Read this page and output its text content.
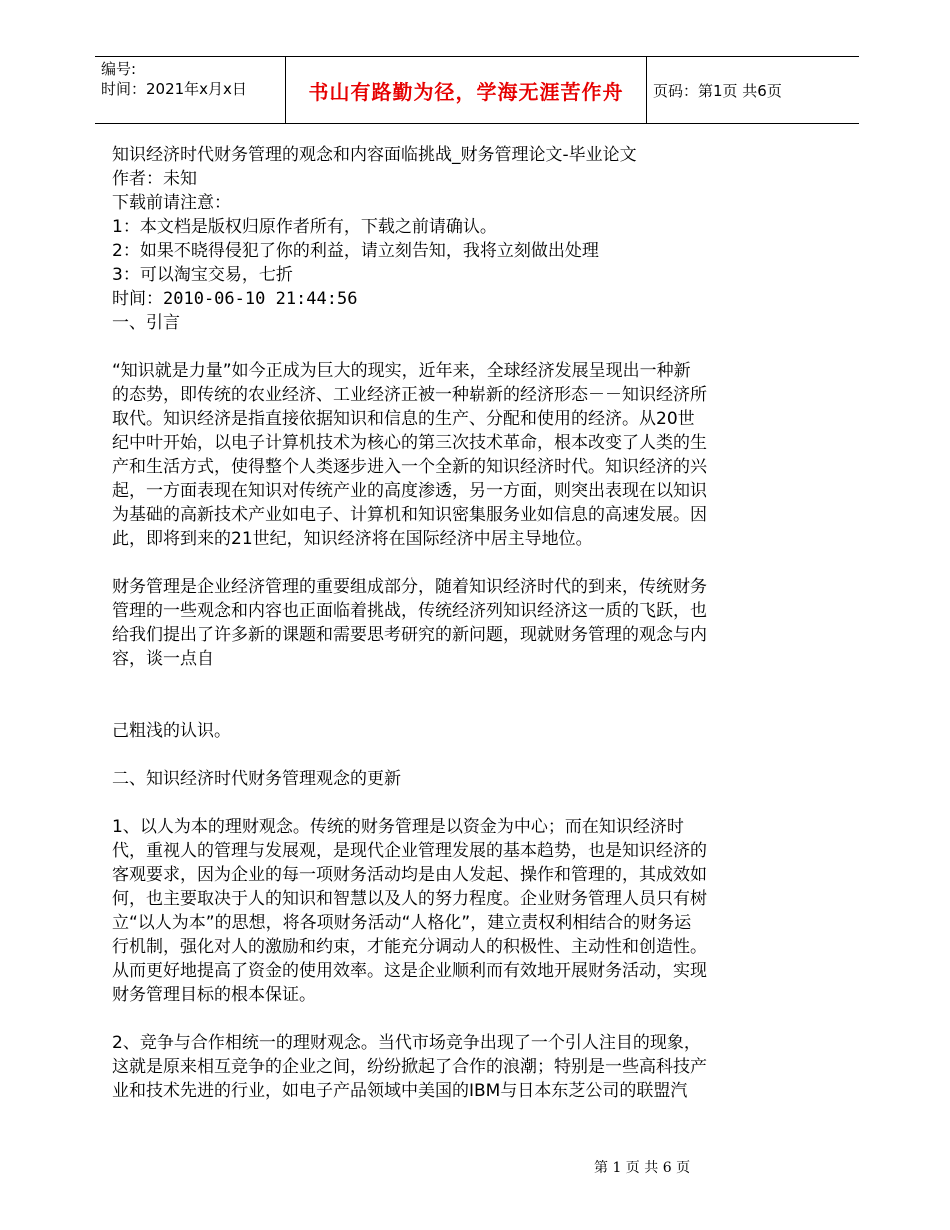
编号:
时间：2021年x月x日	书山有路勤为径，学海无涯苦作舟 页码：第1页 共6页
知识经济时代财务管理的观念和内容面临挑战_财务管理论文-毕业论文
作者：未知
下载前请注意：
1：本文档是版权归原作者所有，下载之前请确认。
2：如果不晓得侵犯了你的利益，请立刻告知，我将立刻做出处理
3：可以淘宝交易，七折
时间：2010-06-10 21:44:56
一、引言
“知识就是力量”如今正成为巨大的现实，近年来，全球经济发展呈现出一种新
的态势，即传统的农业经济、工业经济正被一种崭新的经济形态－－知识经济所
取代。知识经济是指直接依据知识和信息的生产、分配和使用的经济。从20世
纪中叶开始，以电子计算机技术为核心的第三次技术革命，根本改变了人类的生
产和生活方式，使得整个人类逐步进入一个全新的知识经济时代。知识经济的兴
起，一方面表现在知识对传统产业的高度渗透，另一方面，则突出表现在以知识
为基础的高新技术产业如电子、计算机和知识密集服务业如信息的高速发展。因
此，即将到来的21世纪，知识经济将在国际经济中居主导地位。
财务管理是企业经济管理的重要组成部分，随着知识经济时代的到来，传统财务
管理的一些观念和内容也正面临着挑战，传统经济列知识经济这一质的飞跃，也
给我们提出了许多新的课题和需要思考研究的新问题，现就财务管理的观念与内
容，谈一点自
己粗浅的认识。
二、知识经济时代财务管理观念的更新
1、以人为本的理财观念。传统的财务管理是以资金为中心；而在知识经济时
代，重视人的管理与发展观，是现代企业管理发展的基本趋势，也是知识经济的
客观要求，因为企业的每一项财务活动均是由人发起、操作和管理的，其成效如
何，也主要取决于人的知识和智慧以及人的努力程度。企业财务管理人员只有树
立“以人为本”的思想，将各项财务活动“人格化”，建立责权利相结合的财务运
行机制，强化对人的激励和约束，才能充分调动人的积极性、主动性和创造性。
从而更好地提高了资金的使用效率。这是企业顺利而有效地开展财务活动，实现
财务管理目标的根本保证。
2、竞争与合作相统一的理财观念。当代市场竞争出现了一个引人注目的现象，
这就是原来相互竞争的企业之间，纷纷掀起了合作的浪潮；特别是一些高科技产
业和技术先进的行业，如电子产品领域中美国的IBM与日本东芝公司的联盟汽
第 1 页 共 6 页
